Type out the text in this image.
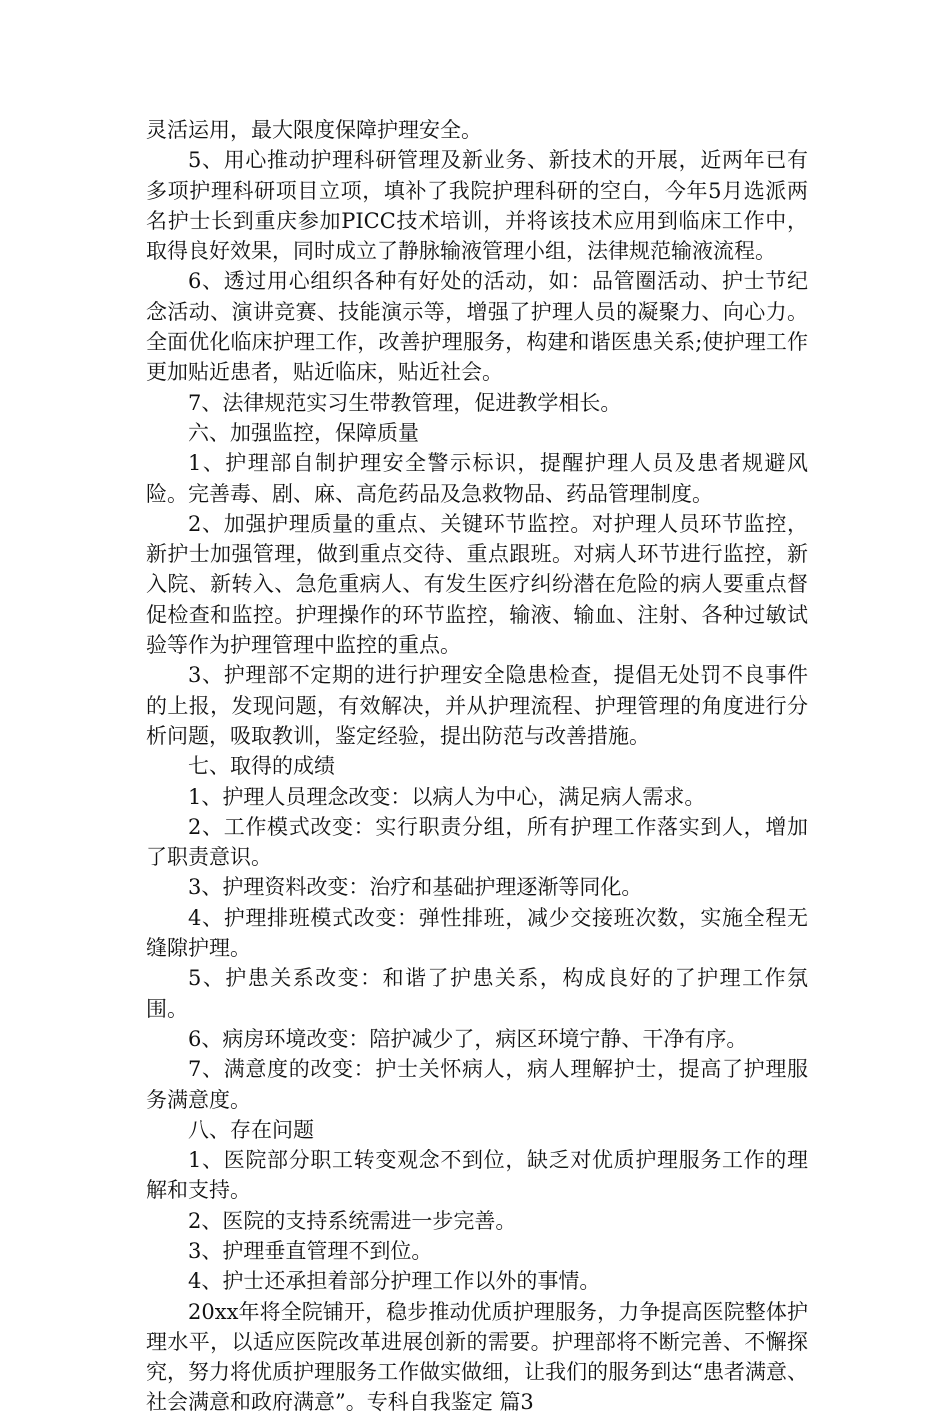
灵活运用，最大限度保障护理安全。

5、用心推动护理科研管理及新业务、新技术的开展，近两年已有多项护理科研项目立项，填补了我院护理科研的空白，今年5月选派两名护士长到重庆参加PICC技术培训，并将该技术应用到临床工作中，取得良好效果，同时成立了静脉输液管理小组，法律规范输液流程。

6、透过用心组织各种有好处的活动，如：品管圈活动、护士节纪念活动、演讲竞赛、技能演示等，增强了护理人员的凝聚力、向心力。全面优化临床护理工作，改善护理服务，构建和谐医患关系;使护理工作更加贴近患者，贴近临床，贴近社会。

7、法律规范实习生带教管理，促进教学相长。

六、加强监控，保障质量

1、护理部自制护理安全警示标识，提醒护理人员及患者规避风险。完善毒、剧、麻、高危药品及急救物品、药品管理制度。

2、加强护理质量的重点、关键环节监控。对护理人员环节监控，新护士加强管理，做到重点交待、重点跟班。对病人环节进行监控，新入院、新转入、急危重病人、有发生医疗纠纷潜在危险的病人要重点督促检查和监控。护理操作的环节监控，输液、输血、注射、各种过敏试验等作为护理管理中监控的重点。

3、护理部不定期的进行护理安全隐患检查，提倡无处罚不良事件的上报，发现问题，有效解决，并从护理流程、护理管理的角度进行分析问题，吸取教训，鉴定经验，提出防范与改善措施。

七、取得的成绩

1、护理人员理念改变：以病人为中心，满足病人需求。

2、工作模式改变：实行职责分组，所有护理工作落实到人，增加了职责意识。

3、护理资料改变：治疗和基础护理逐渐等同化。

4、护理排班模式改变：弹性排班，减少交接班次数，实施全程无缝隙护理。

5、护患关系改变：和谐了护患关系，构成良好的了护理工作氛围。

6、病房环境改变：陪护减少了，病区环境宁静、干净有序。

7、满意度的改变：护士关怀病人，病人理解护士，提高了护理服务满意度。

八、存在问题

1、医院部分职工转变观念不到位，缺乏对优质护理服务工作的理解和支持。

2、医院的支持系统需进一步完善。

3、护理垂直管理不到位。

4、护士还承担着部分护理工作以外的事情。

20xx年将全院铺开，稳步推动优质护理服务，力争提高医院整体护理水平，以适应医院改革进展创新的需要。护理部将不断完善、不懈探究，努力将优质护理服务工作做实做细，让我们的服务到达“患者满意、社会满意和政府满意”。专科自我鉴定 篇3
